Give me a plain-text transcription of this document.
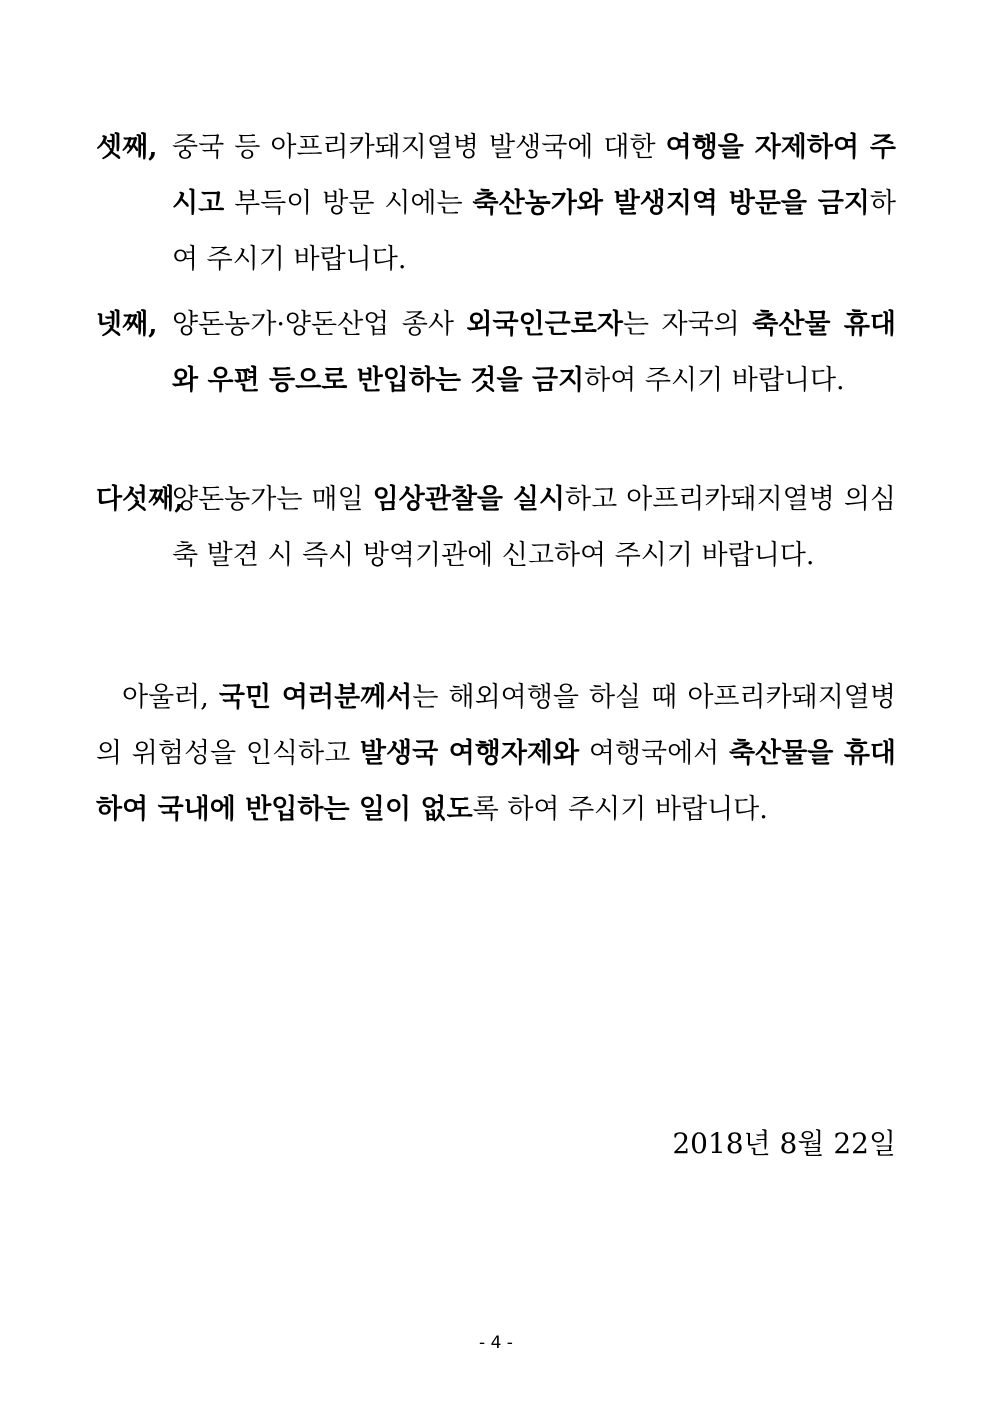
셋째, 중국 등 아프리카돼지열병 발생국에 대한 여행을 자제하여 주시고 부득이 방문 시에는 축산농가와 발생지역 방문을 금지하여 주시기 바랍니다.
넷째, 양돈농가·양돈산업 종사 외국인근로자는 자국의 축산물 휴대와 우편 등으로 반입하는 것을 금지하여 주시기 바랍니다.
다섯째,
양돈농가는 매일 임상관찰을 실시하고 아프리카돼지열병 의심축 발견 시 즉시 방역기관에 신고하여 주시기 바랍니다.
아울러, 국민 여러분께서는 해외여행을 하실 때 아프리카돼지열병의 위험성을 인식하고 발생국 여행자제와 여행국에서 축산물을 휴대하여 국내에 반입하는 일이 없도록 하여 주시기 바랍니다.
2018년 8월 22일
- 4 -
